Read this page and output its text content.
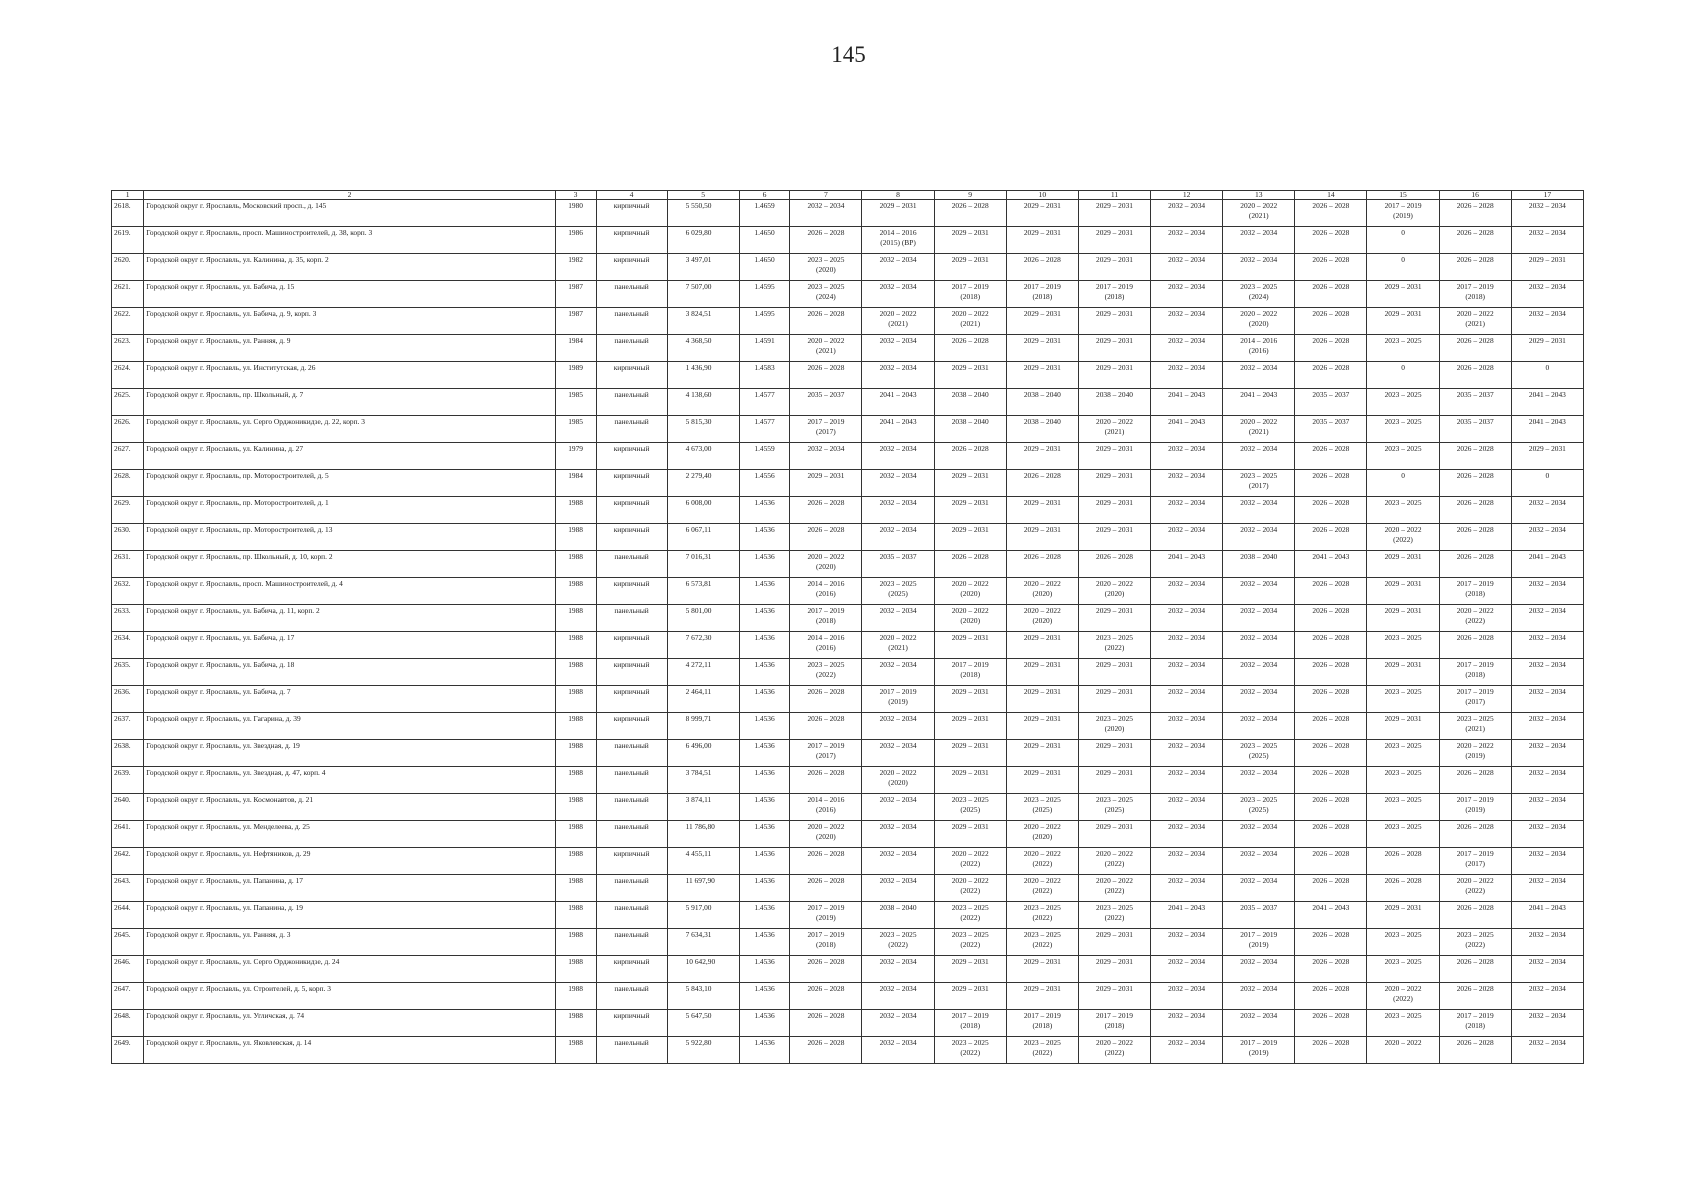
145
1	2	3	4	5	6	7	8	9	10	11	12	13	14	15	16	17

2618.	Городской округ г. Ярославль, Московский просп., д. 145	1980	кирпичный	5 550,50	1.4659	2032 – 2034	2029 – 2031	2026 – 2028	2029 – 2031	2029 – 2031	2032 – 2034	2020 – 2022
(2021)	2026 – 2028	2017 – 2019
(2019)	2026 – 2028	2032 – 2034

2619.	Городской округ г. Ярославль, просп. Машиностроителей, д. 38, корп. 3	1986	кирпичный	6 029,80	1.4650	2026 – 2028	2014 – 2016
(2015) (ВР)	2029 – 2031	2029 – 2031	2029 – 2031	2032 – 2034	2032 – 2034	2026 – 2028	0	2026 – 2028	2032 – 2034

2620.	Городской округ г. Ярославль, ул. Калинина, д. 35, корп. 2	1982	кирпичный	3 497,01	1.4650	2023 – 2025
(2020)	2032 – 2034	2029 – 2031	2026 – 2028	2029 – 2031	2032 – 2034	2032 – 2034	2026 – 2028	0	2026 – 2028	2029 – 2031

2621.	Городской округ г. Ярославль, ул. Бабича, д. 15	1987	панельный	7 507,00	1.4595	2023 – 2025
(2024)	2032 – 2034	2017 – 2019
(2018)	2017 – 2019
(2018)	2017 – 2019
(2018)	2032 – 2034	2023 – 2025
(2024)	2026 – 2028	2029 – 2031	2017 – 2019
(2018)	2032 – 2034

2622.	Городской округ г. Ярославль, ул. Бабича, д. 9, корп. 3	1987	панельный	3 824,51	1.4595	2026 – 2028	2020 – 2022
(2021)	2020 – 2022
(2021)	2029 – 2031	2029 – 2031	2032 – 2034	2020 – 2022
(2020)	2026 – 2028	2029 – 2031	2020 – 2022
(2021)	2032 – 2034

2623.	Городской округ г. Ярославль, ул. Ранняя, д. 9	1984	панельный	4 368,50	1.4591	2020 – 2022
(2021)	2032 – 2034	2026 – 2028	2029 – 2031	2029 – 2031	2032 – 2034	2014 – 2016
(2016)	2026 – 2028	2023 – 2025	2026 – 2028	2029 – 2031

2624.	Городской округ г. Ярославль, ул. Институтская, д. 26	1989	кирпичный	1 436,90	1.4583	2026 – 2028	2032 – 2034	2029 – 2031	2029 – 2031	2029 – 2031	2032 – 2034	2032 – 2034	2026 – 2028	0	2026 – 2028	0

2625.	Городской округ г. Ярославль, пр. Школьный, д. 7	1985	панельный	4 138,60	1.4577	2035 – 2037	2041 – 2043	2038 – 2040	2038 – 2040	2038 – 2040	2041 – 2043	2041 – 2043	2035 – 2037	2023 – 2025	2035 – 2037	2041 – 2043

2626.	Городской округ г. Ярославль, ул. Серго Орджоникидзе, д. 22, корп. 3	1985	панельный	5 815,30	1.4577	2017 – 2019
(2017)	2041 – 2043	2038 – 2040	2038 – 2040	2020 – 2022
(2021)	2041 – 2043	2020 – 2022
(2021)	2035 – 2037	2023 – 2025	2035 – 2037	2041 – 2043

2627.	Городской округ г. Ярославль, ул. Калинина, д. 27	1979	кирпичный	4 673,00	1.4559	2032 – 2034	2032 – 2034	2026 – 2028	2029 – 2031	2029 – 2031	2032 – 2034	2032 – 2034	2026 – 2028	2023 – 2025	2026 – 2028	2029 – 2031

2628.	Городской округ г. Ярославль, пр. Моторостроителей, д. 5	1984	кирпичный	2 279,40	1.4556	2029 – 2031	2032 – 2034	2029 – 2031	2026 – 2028	2029 – 2031	2032 – 2034	2023 – 2025
(2017)	2026 – 2028	0	2026 – 2028	0

2629.	Городской округ г. Ярославль, пр. Моторостроителей, д. 1	1988	кирпичный	6 008,00	1.4536	2026 – 2028	2032 – 2034	2029 – 2031	2029 – 2031	2029 – 2031	2032 – 2034	2032 – 2034	2026 – 2028	2023 – 2025	2026 – 2028	2032 – 2034

2630.	Городской округ г. Ярославль, пр. Моторостроителей, д. 13	1988	кирпичный	6 067,11	1.4536	2026 – 2028	2032 – 2034	2029 – 2031	2029 – 2031	2029 – 2031	2032 – 2034	2032 – 2034	2026 – 2028	2020 – 2022
(2022)	2026 – 2028	2032 – 2034

2631.	Городской округ г. Ярославль, пр. Школьный, д. 10, корп. 2	1988	панельный	7 016,31	1.4536	2020 – 2022
(2020)	2035 – 2037	2026 – 2028	2026 – 2028	2026 – 2028	2041 – 2043	2038 – 2040	2041 – 2043	2029 – 2031	2026 – 2028	2041 – 2043

2632.	Городской округ г. Ярославль, просп. Машиностроителей, д. 4	1988	кирпичный	6 573,81	1.4536	2014 – 2016
(2016)	2023 – 2025
(2025)	2020 – 2022
(2020)	2020 – 2022
(2020)	2020 – 2022
(2020)	2032 – 2034	2032 – 2034	2026 – 2028	2029 – 2031	2017 – 2019
(2018)	2032 – 2034

2633.	Городской округ г. Ярославль, ул. Бабича, д. 11, корп. 2	1988	панельный	5 801,00	1.4536	2017 – 2019
(2018)	2032 – 2034	2020 – 2022
(2020)	2020 – 2022
(2020)	2029 – 2031	2032 – 2034	2032 – 2034	2026 – 2028	2029 – 2031	2020 – 2022
(2022)	2032 – 2034

2634.	Городской округ г. Ярославль, ул. Бабича, д. 17	1988	кирпичный	7 672,30	1.4536	2014 – 2016
(2016)	2020 – 2022
(2021)	2029 – 2031	2029 – 2031	2023 – 2025
(2022)	2032 – 2034	2032 – 2034	2026 – 2028	2023 – 2025	2026 – 2028	2032 – 2034

2635.	Городской округ г. Ярославль, ул. Бабича, д. 18	1988	кирпичный	4 272,11	1.4536	2023 – 2025
(2022)	2032 – 2034	2017 – 2019
(2018)	2029 – 2031	2029 – 2031	2032 – 2034	2032 – 2034	2026 – 2028	2029 – 2031	2017 – 2019
(2018)	2032 – 2034

2636.	Городской округ г. Ярославль, ул. Бабича, д. 7	1988	кирпичный	2 464,11	1.4536	2026 – 2028	2017 – 2019
(2019)	2029 – 2031	2029 – 2031	2029 – 2031	2032 – 2034	2032 – 2034	2026 – 2028	2023 – 2025	2017 – 2019
(2017)	2032 – 2034

2637.	Городской округ г. Ярославль, ул. Гагарина, д. 39	1988	кирпичный	8 999,71	1.4536	2026 – 2028	2032 – 2034	2029 – 2031	2029 – 2031	2023 – 2025
(2020)	2032 – 2034	2032 – 2034	2026 – 2028	2029 – 2031	2023 – 2025
(2021)	2032 – 2034

2638.	Городской округ г. Ярославль, ул. Звездная, д. 19	1988	панельный	6 496,00	1.4536	2017 – 2019
(2017)	2032 – 2034	2029 – 2031	2029 – 2031	2029 – 2031	2032 – 2034	2023 – 2025
(2025)	2026 – 2028	2023 – 2025	2020 – 2022
(2019)	2032 – 2034

2639.	Городской округ г. Ярославль, ул. Звездная, д. 47, корп. 4	1988	панельный	3 784,51	1.4536	2026 – 2028	2020 – 2022
(2020)	2029 – 2031	2029 – 2031	2029 – 2031	2032 – 2034	2032 – 2034	2026 – 2028	2023 – 2025	2026 – 2028	2032 – 2034

2640.	Городской округ г. Ярославль, ул. Космонавтов, д. 21	1988	панельный	3 874,11	1.4536	2014 – 2016
(2016)	2032 – 2034	2023 – 2025
(2025)	2023 – 2025
(2025)	2023 – 2025
(2025)	2032 – 2034	2023 – 2025
(2025)	2026 – 2028	2023 – 2025	2017 – 2019
(2019)	2032 – 2034

2641.	Городской округ г. Ярославль, ул. Менделеева, д. 25	1988	панельный	11 786,80	1.4536	2020 – 2022
(2020)	2032 – 2034	2029 – 2031	2020 – 2022
(2020)	2029 – 2031	2032 – 2034	2032 – 2034	2026 – 2028	2023 – 2025	2026 – 2028	2032 – 2034

2642.	Городской округ г. Ярославль, ул. Нефтяников, д. 29	1988	кирпичный	4 455,11	1.4536	2026 – 2028	2032 – 2034	2020 – 2022
(2022)	2020 – 2022
(2022)	2020 – 2022
(2022)	2032 – 2034	2032 – 2034	2026 – 2028	2026 – 2028	2017 – 2019
(2017)	2032 – 2034

2643.	Городской округ г. Ярославль, ул. Папанина, д. 17	1988	панельный	11 697,90	1.4536	2026 – 2028	2032 – 2034	2020 – 2022
(2022)	2020 – 2022
(2022)	2020 – 2022
(2022)	2032 – 2034	2032 – 2034	2026 – 2028	2026 – 2028	2020 – 2022
(2022)	2032 – 2034

2644.	Городской округ г. Ярославль, ул. Папанина, д. 19	1988	панельный	5 917,00	1.4536	2017 – 2019
(2019)	2038 – 2040	2023 – 2025
(2022)	2023 – 2025
(2022)	2023 – 2025
(2022)	2041 – 2043	2035 – 2037	2041 – 2043	2029 – 2031	2026 – 2028	2041 – 2043

2645.	Городской округ г. Ярославль, ул. Ранняя, д. 3	1988	панельный	7 634,31	1.4536	2017 – 2019
(2018)	2023 – 2025
(2022)	2023 – 2025
(2022)	2023 – 2025
(2022)	2029 – 2031	2032 – 2034	2017 – 2019
(2019)	2026 – 2028	2023 – 2025	2023 – 2025
(2022)	2032 – 2034

2646.	Городской округ г. Ярославль, ул. Серго Орджоникидзе, д. 24	1988	кирпичный	10 642,90	1.4536	2026 – 2028	2032 – 2034	2029 – 2031	2029 – 2031	2029 – 2031	2032 – 2034	2032 – 2034	2026 – 2028	2023 – 2025	2026 – 2028	2032 – 2034

2647.	Городской округ г. Ярославль, ул. Строителей, д. 5, корп. 3	1988	панельный	5 843,10	1.4536	2026 – 2028	2032 – 2034	2029 – 2031	2029 – 2031	2029 – 2031	2032 – 2034	2032 – 2034	2026 – 2028	2020 – 2022
(2022)	2026 – 2028	2032 – 2034

2648.	Городской округ г. Ярославль, ул. Угличская, д. 74	1988	кирпичный	5 647,50	1.4536	2026 – 2028	2032 – 2034	2017 – 2019
(2018)	2017 – 2019
(2018)	2017 – 2019
(2018)	2032 – 2034	2032 – 2034	2026 – 2028	2023 – 2025	2017 – 2019
(2018)	2032 – 2034

2649.	Городской округ г. Ярославль, ул. Яковлевская, д. 14	1988	панельный	5 922,80	1.4536	2026 – 2028	2032 – 2034	2023 – 2025
(2022)	2023 – 2025
(2022)	2020 – 2022
(2022)	2032 – 2034	2017 – 2019
(2019)	2026 – 2028	2020 – 2022	2026 – 2028	2032 – 2034
